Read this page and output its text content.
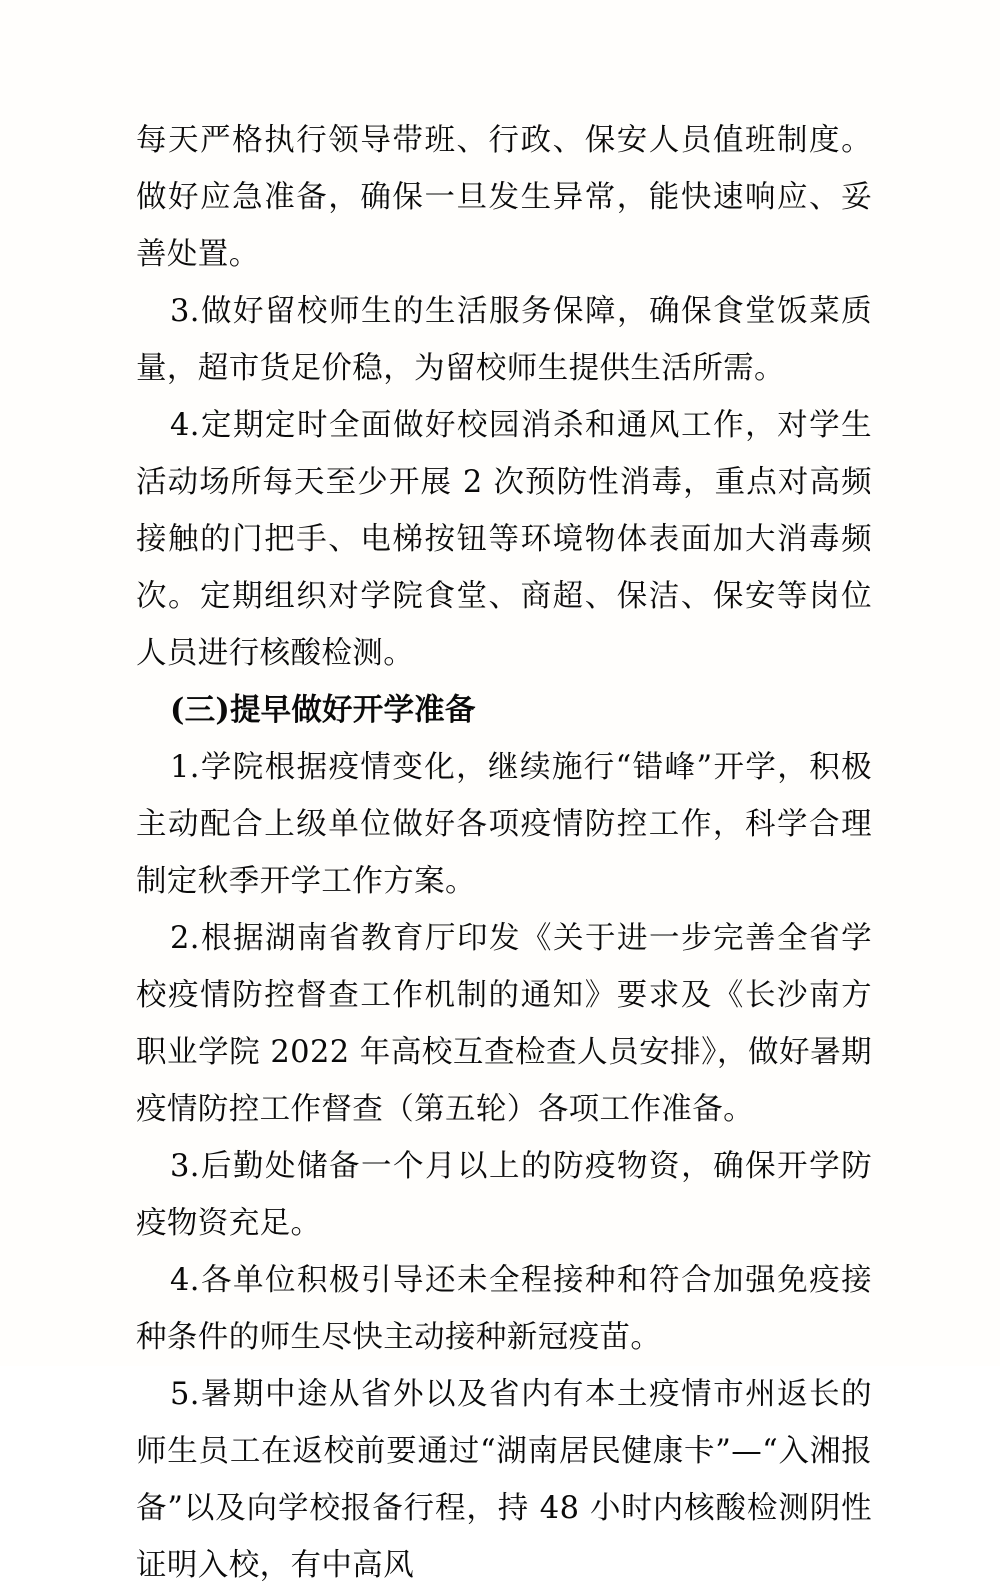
每天严格执行领导带班、行政、保安人员值班制度。做好应急准备，确保一旦发生异常，能快速响应、妥善处置。

3.做好留校师生的生活服务保障，确保食堂饭菜质量，超市货足价稳，为留校师生提供生活所需。

4.定期定时全面做好校园消杀和通风工作，对学生活动场所每天至少开展 2 次预防性消毒，重点对高频接触的门把手、电梯按钮等环境物体表面加大消毒频次。定期组织对学院食堂、商超、保洁、保安等岗位人员进行核酸检测。

(三)提早做好开学准备

1.学院根据疫情变化，继续施行“错峰”开学，积极主动配合上级单位做好各项疫情防控工作，科学合理制定秋季开学工作方案。

2.根据湖南省教育厅印发《关于进一步完善全省学校疫情防控督查工作机制的通知》要求及《长沙南方职业学院 2022 年高校互查检查人员安排》，做好暑期疫情防控工作督查（第五轮）各项工作准备。

3.后勤处储备一个月以上的防疫物资，确保开学防疫物资充足。

4.各单位积极引导还未全程接种和符合加强免疫接种条件的师生尽快主动接种新冠疫苗。

5.暑期中途从省外以及省内有本土疫情市州返长的师生员工在返校前要通过“湖南居民健康卡”—“入湘报备”以及向学校报备行程，持 48 小时内核酸检测阴性证明入校，有中高风
